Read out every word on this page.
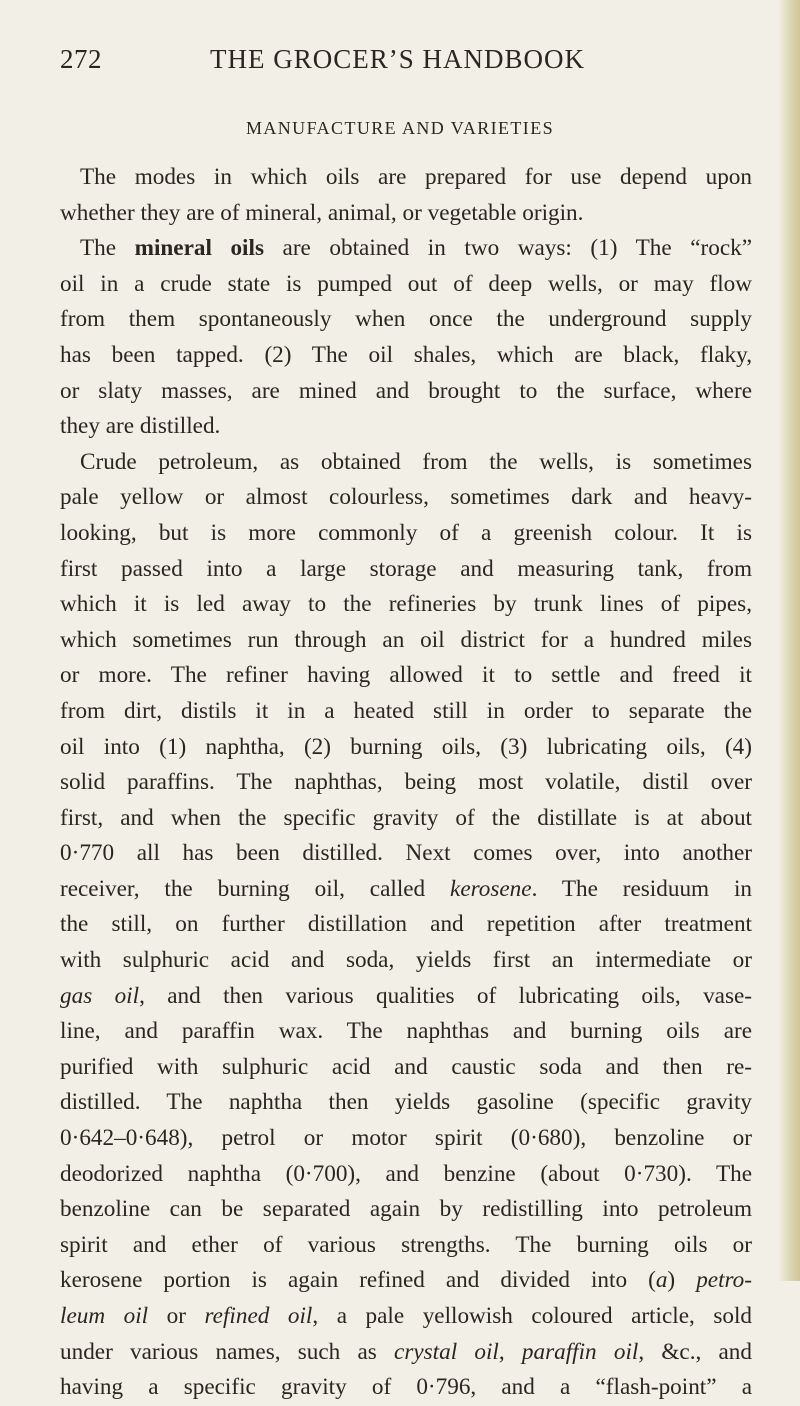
272	THE GROCER’S HANDBOOK
MANUFACTURE AND VARIETIES
The modes in which oils are prepared for use depend upon
whether they are of mineral, animal, or vegetable origin.
The mineral oils are obtained in two ways: (1) The “rock”
oil in a crude state is pumped out of deep wells, or may flow
from them spontaneously when once the underground supply
has been tapped. (2) The oil shales, which are black, flaky,
or slaty masses, are mined and brought to the surface, where
they are distilled.
Crude petroleum, as obtained from the wells, is sometimes
pale yellow or almost colourless, sometimes dark and heavy-
looking, but is more commonly of a greenish colour. It is
first passed into a large storage and measuring tank, from
which it is led away to the refineries by trunk lines of pipes,
which sometimes run through an oil district for a hundred miles
or more. The refiner having allowed it to settle and freed it
from dirt, distils it in a heated still in order to separate the
oil into (1) naphtha, (2) burning oils, (3) lubricating oils, (4)
solid paraffins. The naphthas, being most volatile, distil over
first, and when the specific gravity of the distillate is at about
0·770 all has been distilled. Next comes over, into another
receiver, the burning oil, called kerosene. The residuum in
the still, on further distillation and repetition after treatment
with sulphuric acid and soda, yields first an intermediate or
gas oil, and then various qualities of lubricating oils, vase-
line, and paraffin wax. The naphthas and burning oils are
purified with sulphuric acid and caustic soda and then re-
distilled. The naphtha then yields gasoline (specific gravity
0·642–0·648), petrol or motor spirit (0·680), benzoline or
deodorized naphtha (0·700), and benzine (about 0·730). The
benzoline can be separated again by redistilling into petroleum
spirit and ether of various strengths. The burning oils or
kerosene portion is again refined and divided into (a) petro-
leum oil or refined oil, a pale yellowish coloured article, sold
under various names, such as crystal oil, paraffin oil, &c., and
having a specific gravity of 0·796, and a “flash-point” a
